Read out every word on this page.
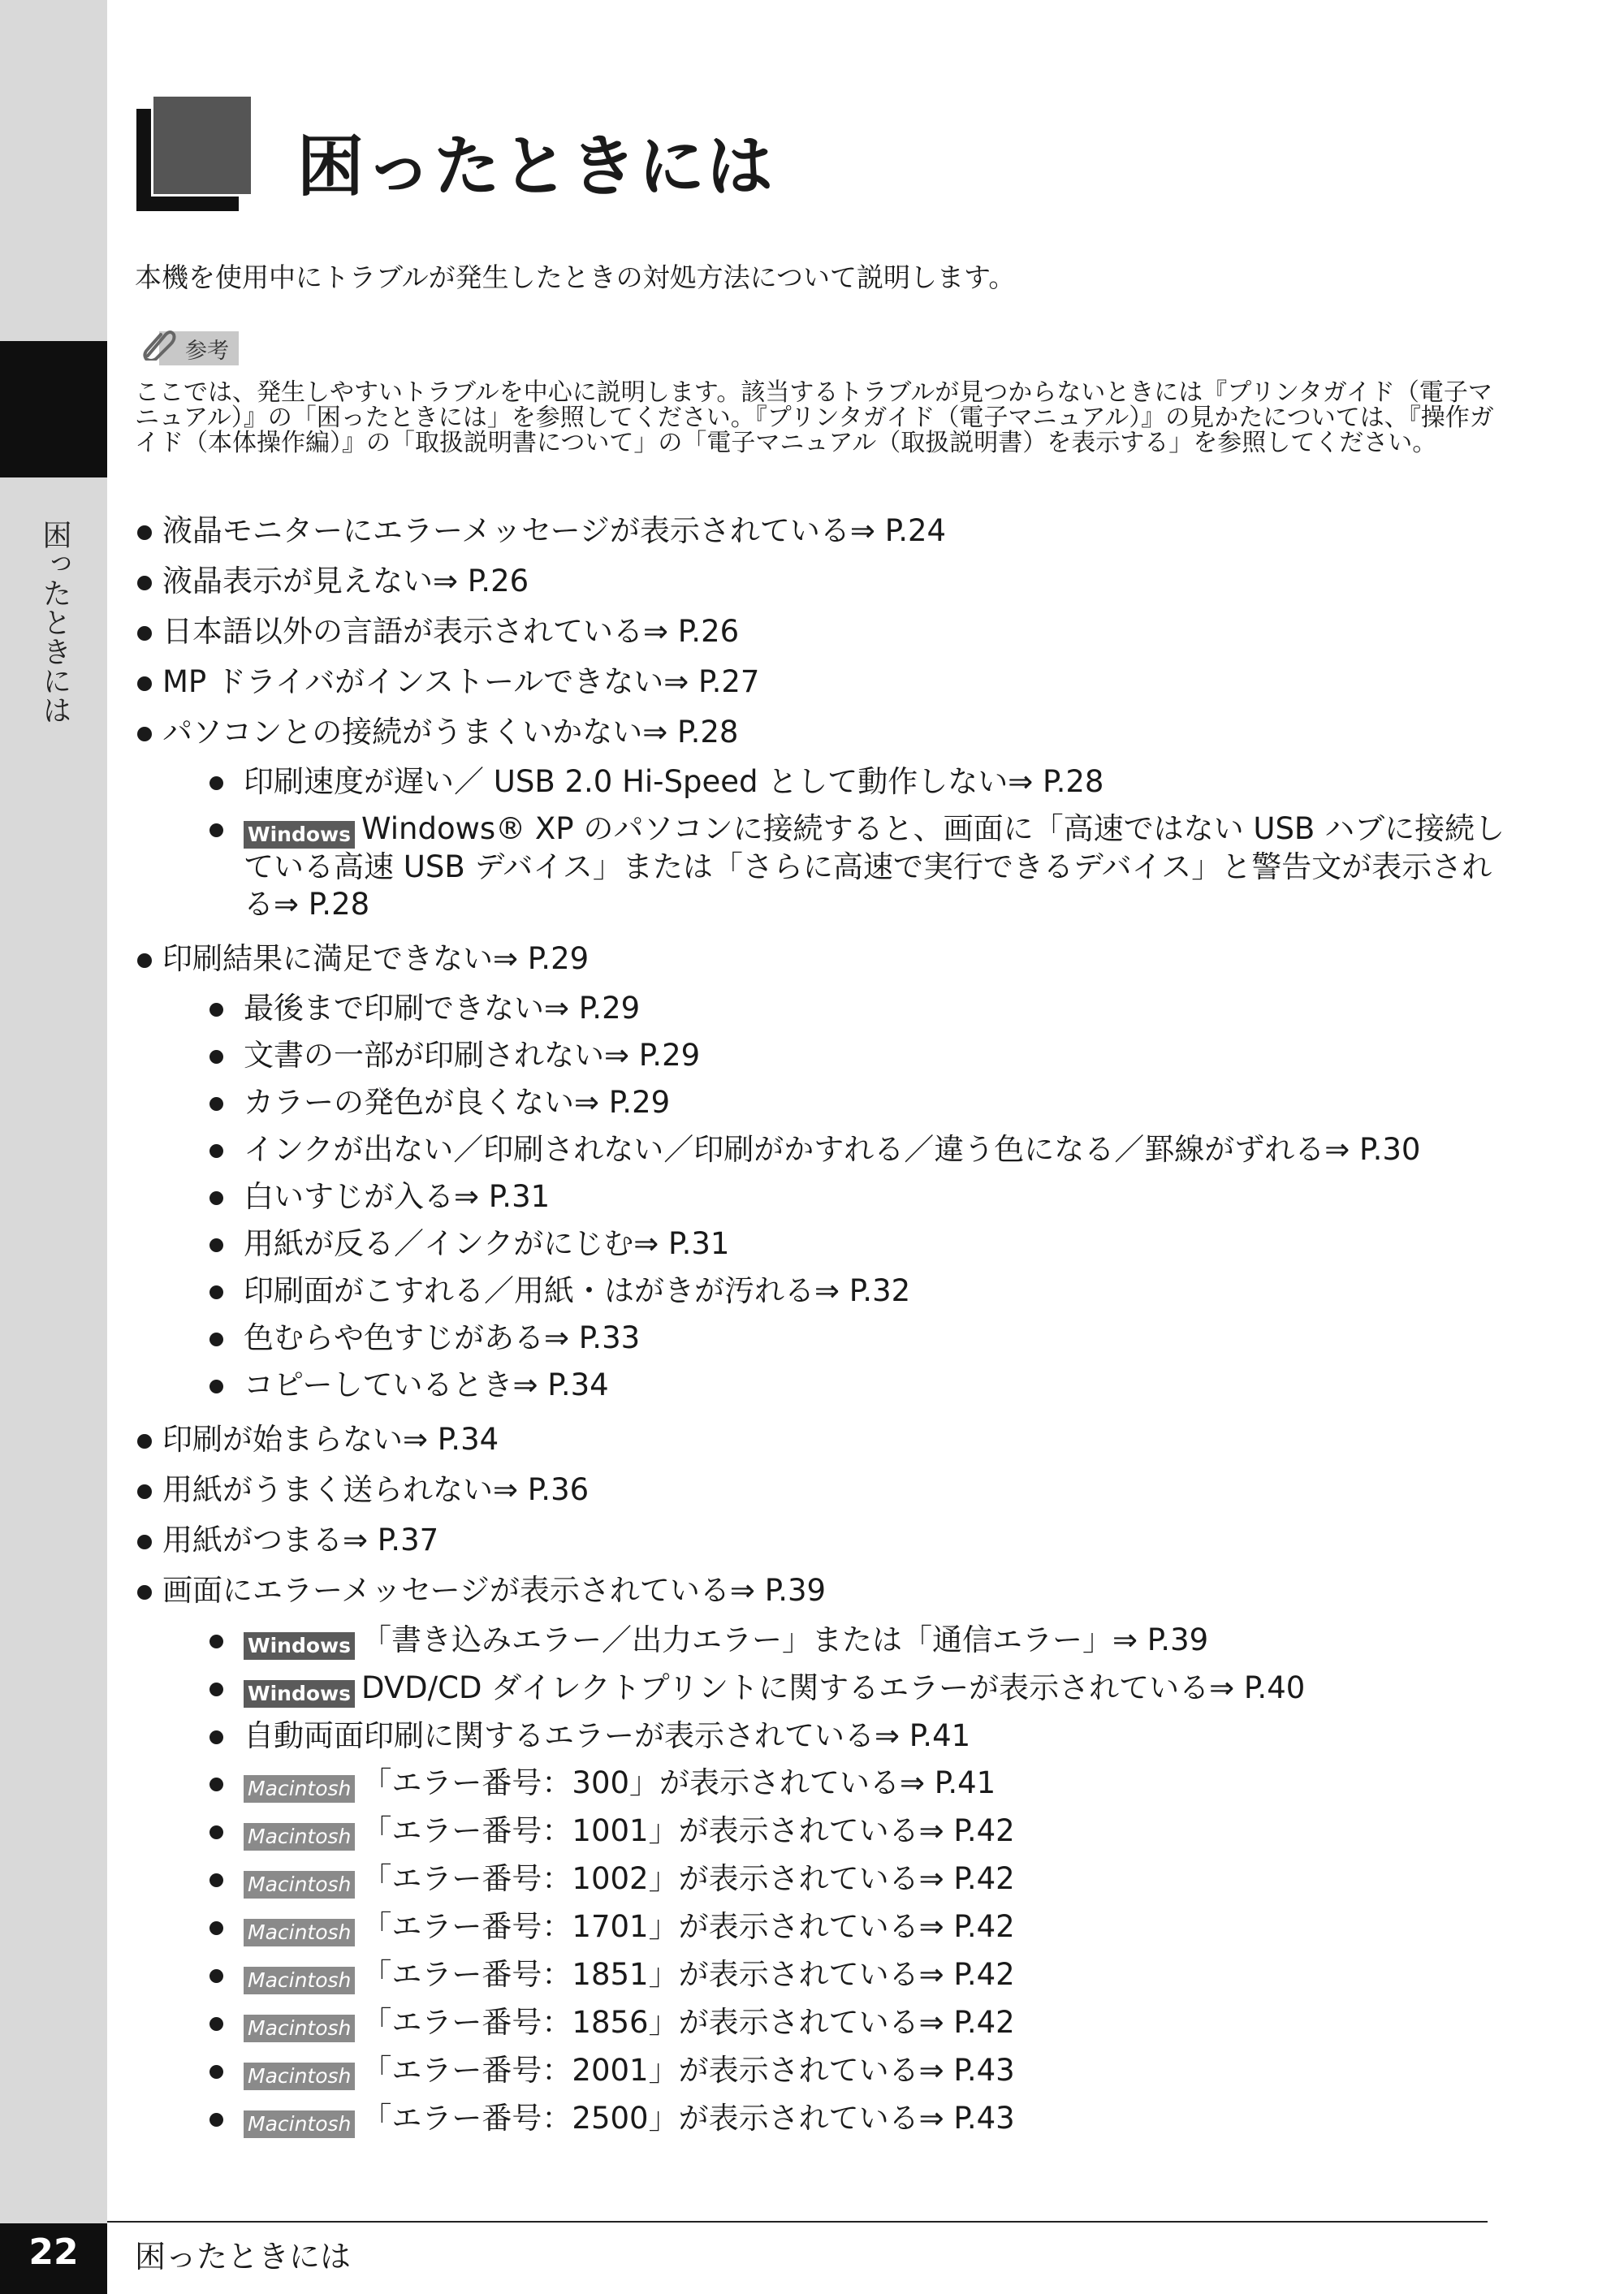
困ったときには
困ったときには

本機を使用中にトラブルが発生したときの対処方法について説明します。

参考

ここでは、発生しやすいトラブルを中心に説明します。該当するトラブルが見つからないときには『プリンタガイド（電子マニュアル）』の「困ったときには」を参照してください。『プリンタガイド（電子マニュアル）』の見かたについては、『操作ガイド（本体操作編）』の「取扱説明書について」の「電子マニュアル（取扱説明書）を表示する」を参照してください。

液晶モニターにエラーメッセージが表示されている⇒ P.24
液晶表示が見えない⇒ P.26
日本語以外の言語が表示されている⇒ P.26
MP ドライバがインストールできない⇒ P.27
パソコンとの接続がうまくいかない⇒ P.28
印刷速度が遅い／ USB 2.0 Hi-Speed として動作しない⇒ P.28
Windows Windows® XP のパソコンに接続すると、画面に「高速ではない USB ハブに接続している高速 USB デバイス」または「さらに高速で実行できるデバイス」と警告文が表示される⇒ P.28
印刷結果に満足できない⇒ P.29
最後まで印刷できない⇒ P.29
文書の一部が印刷されない⇒ P.29
カラーの発色が良くない⇒ P.29
インクが出ない／印刷されない／印刷がかすれる／違う色になる／罫線がずれる⇒ P.30
白いすじが入る⇒ P.31
用紙が反る／インクがにじむ⇒ P.31
印刷面がこすれる／用紙・はがきが汚れる⇒ P.32
色むらや色すじがある⇒ P.33
コピーしているとき⇒ P.34
印刷が始まらない⇒ P.34
用紙がうまく送られない⇒ P.36
用紙がつまる⇒ P.37
画面にエラーメッセージが表示されている⇒ P.39
Windows 「書き込みエラー／出力エラー」または「通信エラー」⇒ P.39
Windows DVD/CD ダイレクトプリントに関するエラーが表示されている⇒ P.40
自動両面印刷に関するエラーが表示されている⇒ P.41
Macintosh 「エラー番号：300」が表示されている⇒ P.41
Macintosh 「エラー番号：1001」が表示されている⇒ P.42
Macintosh 「エラー番号：1002」が表示されている⇒ P.42
Macintosh 「エラー番号：1701」が表示されている⇒ P.42
Macintosh 「エラー番号：1851」が表示されている⇒ P.42
Macintosh 「エラー番号：1856」が表示されている⇒ P.42
Macintosh 「エラー番号：2001」が表示されている⇒ P.43
Macintosh 「エラー番号：2500」が表示されている⇒ P.43
22	困ったときには
